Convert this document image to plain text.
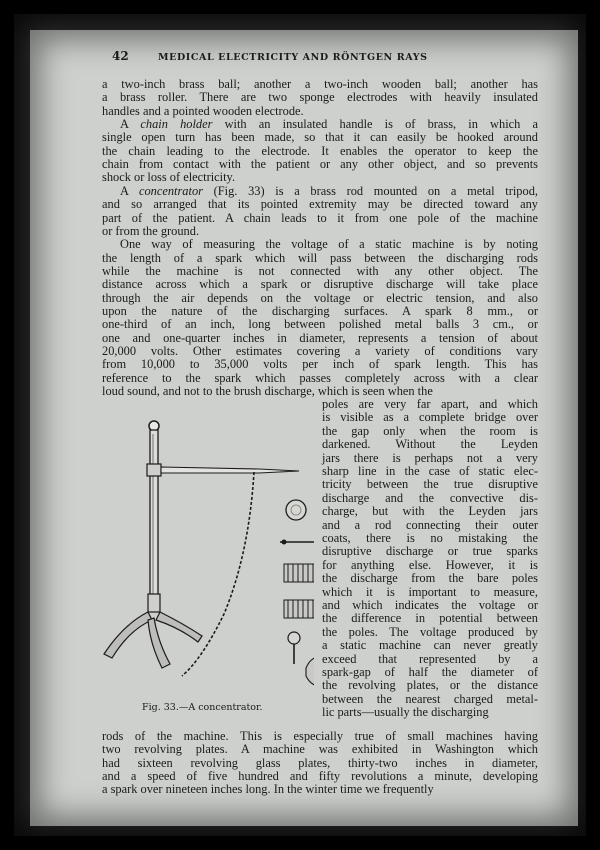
42	MEDICAL ELECTRICITY AND RÖNTGEN RAYS
a two-inch brass ball; another a two-inch wooden ball; another has
a brass roller. There are two sponge electrodes with heavily insulated
handles and a pointed wooden electrode.
A chain holder with an insulated handle is of brass, in which a
single open turn has been made, so that it can easily be hooked around
the chain leading to the electrode. It enables the operator to keep the
chain from contact with the patient or any other object, and so prevents
shock or loss of electricity.
A concentrator (Fig. 33) is a brass rod mounted on a metal tripod,
and so arranged that its pointed extremity may be directed toward any
part of the patient. A chain leads to it from one pole of the machine
or from the ground.
One way of measuring the voltage of a static machine is by noting
the length of a spark which will pass between the discharging rods
while the machine is not connected with any other object. The
distance across which a spark or disruptive discharge will take place
through the air depends on the voltage or electric tension, and also
upon the nature of the discharging surfaces. A spark 8 mm., or
one-third of an inch, long between polished metal balls 3 cm., or
one and one-quarter inches in diameter, represents a tension of about
20,000 volts. Other estimates covering a variety of conditions vary
from 10,000 to 35,000 volts per inch of spark length. This has
reference to the spark which passes completely across with a clear
loud sound, and not to the brush discharge, which is seen when the
poles are very far apart, and which
is visible as a complete bridge over
the gap only when the room is
darkened. Without the Leyden
jars there is perhaps not a very
sharp line in the case of static elec-
tricity between the true disruptive
discharge and the convective dis-
charge, but with the Leyden jars
and a rod connecting their outer
coats, there is no mistaking the
disruptive discharge or true sparks
for anything else. However, it is
the discharge from the bare poles
which it is important to measure,
and which indicates the voltage or
the difference in potential between
the poles. The voltage produced by
a static machine can never greatly
exceed that represented by a
spark-gap of half the diameter of
the revolving plates, or the distance
between the nearest charged metal-
lic parts—usually the discharging
rods of the machine. This is especially true of small machines having
two revolving plates. A machine was exhibited in Washington which
had sixteen revolving glass plates, thirty-two inches in diameter,
and a speed of five hundred and fifty revolutions a minute, developing
a spark over nineteen inches long. In the winter time we frequently
Fig. 33.—A concentrator.
